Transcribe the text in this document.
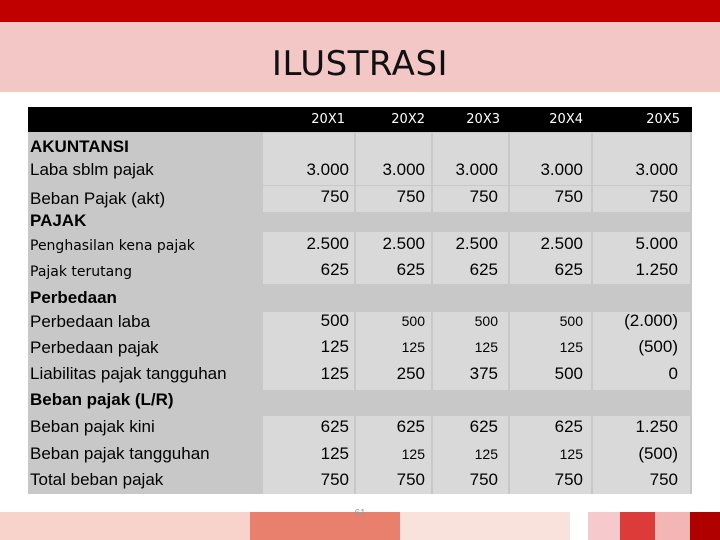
ILUSTRASI
20X1	20X2	20X3	20X4	20X5
AKUNTANSI
Laba sblm pajak	3.000	3.000	3.000	3.000	3.000
Beban Pajak (akt)	750	750	750	750	750
PAJAK
Penghasilan kena pajak	2.500	2.500	2.500	2.500	5.000
Pajak terutang	625	625	625	625	1.250
Perbedaan
Perbedaan laba	500	500	500	500	(2.000)
Perbedaan pajak	125	125	125	125	(500)
Liabilitas pajak tangguhan	125	250	375	500	0
Beban pajak (L/R)
Beban pajak kini	625	625	625	625	1.250
Beban pajak tangguhan	125	125	125	125	(500)
Total beban pajak	750	750	750	750	750
61
